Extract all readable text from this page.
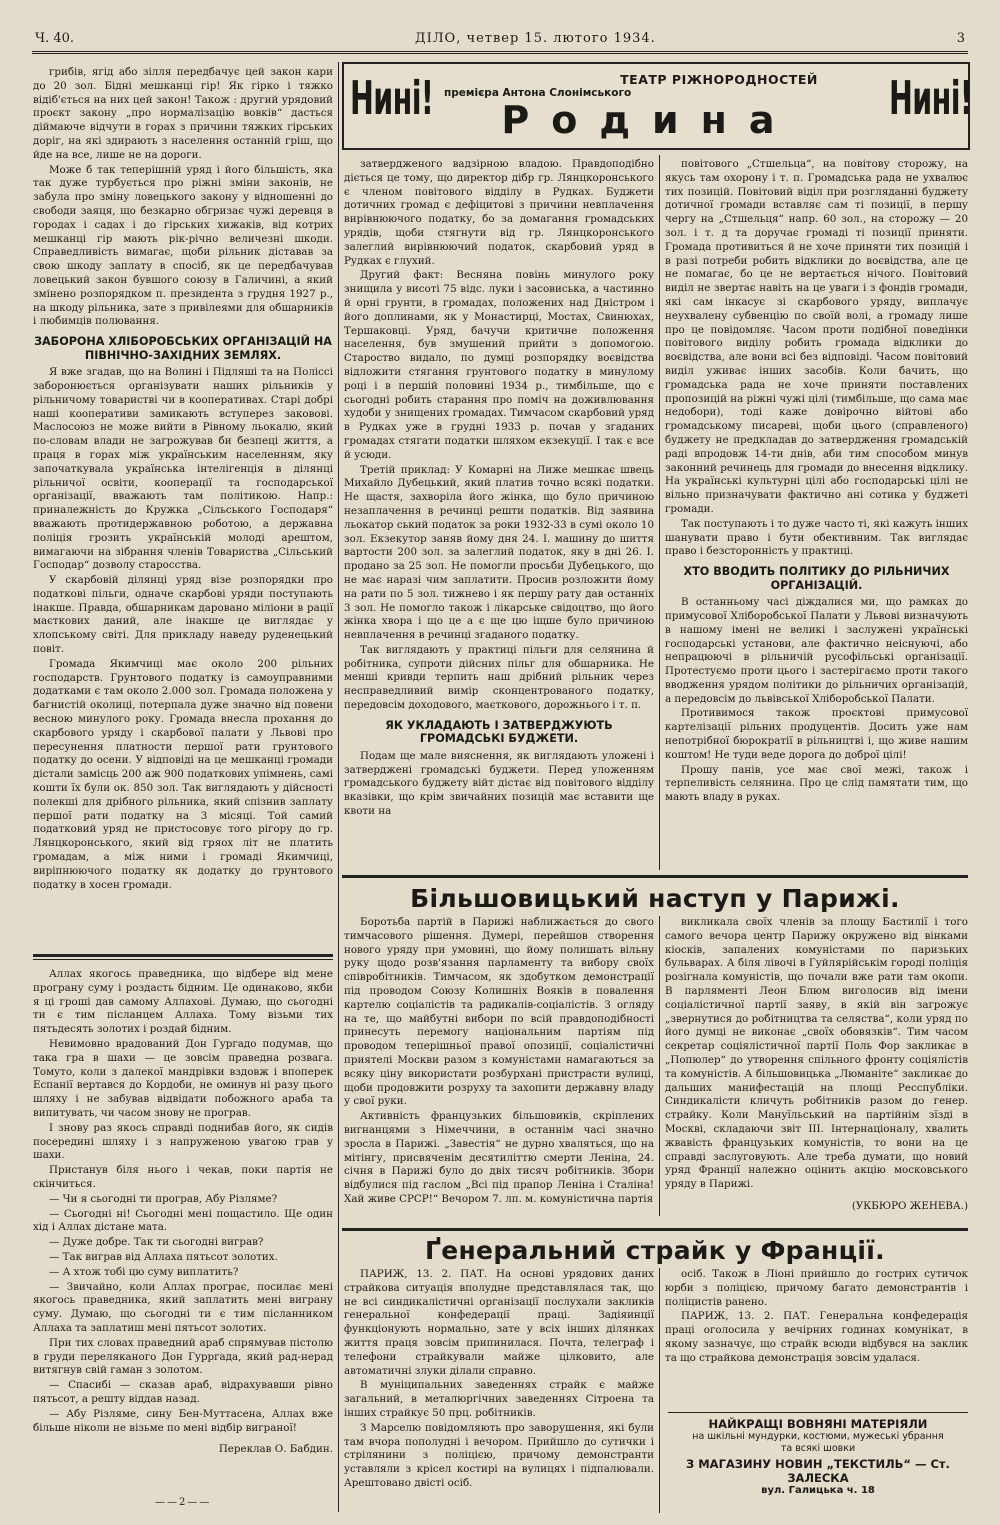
Ч. 40.	ДІЛО, четвер 15. лютого 1934.	3

грибів, ягід або зілля передбачує цей закон кари до 20 зол. Бідні мешканці гір! Як гірко і тяжко відіб'ється на них цей закон! Також : другий урядовий проєкт закону „про нормалізацію вовків“ дасться діймаюче відчути в горах з причини тяжких гірських доріг, на які здирають з населення останній гріш, що йде на все, лише не на дороги.

Може б так теперішній уряд і його більшість, яка так дуже турбується про ріжні зміни законів, не забула про зміну ловецького закону у відношенні до свободи заяця, що безкарно обгризає чужі деревця в городах і садах і до гірських хижаків, від котрих мешканці гір мають рік-річно величезні шкоди. Справедливість вимагає, щоби рільник діставав за свою шкоду заплату в спосіб, як це передбачував ловецький закон бувшого союзу в Галичині, а який змінено розпорядком п. президента з грудня 1927 р., на шкоду рільника, зате з привілеями для обшарників і любимців полювання.

ЗАБОРОНА ХЛІБОРОБСЬКИХ ОРГАНІЗАЦІЙ НА ПІВНІЧНО-ЗАХІДНИХ ЗЕМЛЯХ.

Я вже згадав, що на Волині і Підляші та на Поліссі заборонюється організувати наших рільників у рільничому товаристві чи в кооперативах. Старі добрі наші кооперативи замикають вступерез заковові. Маслосоюз не може вийти в Рівному льокалю, який по-словам влади не загрожував би безпеці життя, а праця в горах між українським населенням, яку започаткувала українська інтелігенція в ділянці рільничої освіти, кооперації та господарської організації, вважають там політикою. Напр.: приналежність до Кружка „Сільського Господаря“ вважають протидержавною роботою, а державна поліція грозить українській молоді арештом, вимагаючи на зібрання членів Товариства „Сільський Господар“ дозволу старосства.

У скарбовій ділянці уряд візе розпорядки про податкові пільги, одначе скарбові уряди поступають інакше. Правда, обшарникам даровано міліони в рації маєткових даний, але інакше це виглядає у хлопському світі. Для прикладу наведу руденецький повіт.

Громада Якимчиці має около 200 рільних господарств. Грунтового податку із самоуправними додатками є там около 2.000 зол. Громада положена у багнистій околиці, потерпала дуже значно від повени весною минулого року. Громада внесла прохання до скарбового уряду і скарбової палати у Львові про пересунення платности першої рати грунтового податку до осени. У відповіді на це мешканці громади дістали замісць 200 аж 900 податкових упімнень, самі кошти їх були ок. 850 зол. Так виглядають у дійсності полекші для дрібного рільника, який спізнив заплату першої рати податку на 3 місяці. Той самий податковий уряд не пристосовує того рігору до гр. Лянцкоронського, який від гряох літ не платить громадам, а між ними і громаді Якимчиці, виріпнюючого податку як додатку до грунтового податку в хосен громади.

Аллах якогось праведника, що відбере від мене програну суму і роздасть бідним. Це одинаково, якби я ці гроші дав самому Аллахові. Думаю, що сьогодні ти є тим післанцем Аллаха. Тому візьми тих пятьдесять золотих і роздай бідним.

Невимовно врадований Дон Гургадо подумав, що така гра в шахи — це зовсім праведна розвага. Томуто, коли з далекої мандрівки вздовж і впоперек Еспанії вертався до Кордоби, не оминув ні разу цього шляху і не забував відвідати побожного араба та випитувать, чи часом знову не програв.

І знову раз якось справді поднибав його, як сидів посередині шляху і з напруженою увагою грав у шахи.

Пристанув біля нього і чекав, поки партія не скінчиться.

— Чи я сьогодні ти програв, Абу Різляме?

— Сьогодні ні! Сьогодні мені пощастило. Ще один хід і Аллах дістане мата.

— Дуже добре. Так ти сьогодні виграв?

— Так виграв від Аллаха пятьсот золотих.

— А хтож тобі цю суму виплатить?

— Звичайно, коли Аллах програє, посилає мені якогось праведника, який заплатить мені виграну суму. Думаю, що сьогодні ти є тим післанником Аллаха та заплатиш мені пятьсот золотих.

При тих словах праведний араб спрямував пістолю в груди переляканого Дон Гурргада, який рад-нерад витягнув свій гаман з золотом.

— Спасибі — сказав араб, відрахувавши рівно пятьсот, а решту віддав назад.

— Абу Різляме, сину Бен-Муттасена, Аллах вже більше ніколи не візьме по мені відбір виграної!

Переклав О. Бабдин.

——2——
Нині!	ТЕАТР РІЖНОРОДНОСТЕЙ
премієра Антона Слонімського
Родина	Нині!

затвердженого вадзірною владою. Правдоподібно діється це тому, що директор дібр гр. Лянцкоронського є членом повітового відділу в Рудках. Буджети дотичних громад є дефіцитові з причини невплачення вирівнюючого податку, бо за домагання громадських урядів, щоби стягнути від гр. Лянцкоронського залеглий вирівнюючий податок, скарбовий уряд в Рудках є глухий.

Другий факт: Весняна повінь минулого року знищила у висоті 75 відс. луки і засовиська, а частинно й орні грунти, в громадах, положених над Дністром і його доплинами, як у Монастирці, Мостах, Свинюхах, Тершаковці. Уряд, бачучи критичне положення населення, був змушений прийти з допомогою. Староство видало, по думці розпорядку воєвідства відложити стягання грунтового податку в минулому році і в першій половині 1934 р., тимбільше, що є сьогодні робить старання про поміч на доживлювання худоби у знищених громадах. Тимчасом скарбовий уряд в Рудках уже в грудні 1933 р. почав у згаданих громадах стягати податки шляхом екзекуції. І так є все й усюди.

Третій приклад: У Комарні на Лиже мешкає швець Михайло Дубецький, який платив точно всякі податки. Не щастя, захворіла його жінка, що було причиною незаплачення в речинці решти податків. Від заявина льокатор ський податок за роки 1932-33 в сумі около 10 зол. Екзекутор заняв йому дня 24. І. машину до шиття вартости 200 зол. за залеглий податок, яку в дні 26. І. продано за 25 зол. Не помогли просьби Дубецького, що не має наразі чим заплатити. Просив розложити йому на рати по 5 зол. тижнево і як першу рату дав останніх 3 зол. Не помогло також і лікарське свідоцтво, що його жінка хвора і що це а є ще цю іщше було причиною невплачення в речинці згаданого податку.

Так виглядають у практиці пільги для селянина й робітника, супроти дійсних пільг для обшарника. Не менші кривди терпить наш дрібний рільник через несправедливий вимір сконцентрованого податку, передовсім доходового, маєткового, дорожнього і т. п.

ЯК УКЛАДАЮТЬ І ЗАТВЕРДЖУЮТЬ ГРОМАДСЬКІ БУДЖЕТИ.

Подам ще мале вияснення, як виглядають уложені і затверджені громадські буджети. Перед уложенням громадського буджету війт дістає від повітового відділу вказівки, що крім звичайних позицій має вставити ще квоти на

повітового „Стшельца“, на повітову сторожу, на якусь там охорону і т. п. Громадська рада не ухвалює тих позицій. Повітовий віділ при розгляданні буджету дотичної громади вставляє сам ті позиції, в першу чергу на „Стшельця“ напр. 60 зол., на сторожу — 20 зол. і т. д та доручає громаді ті позиції приняти. Громада противиться й не хоче приняти тих позицій і в разі потреби робить відклики до воєвідства, але це не помагає, бо це не вертається нічого. Повітовий виділ не звертає навіть на це уваги і з фондів громади, які сам інкасує зі скарбового уряду, виплачує неухвалену субвенцію по своїй волі, а громаду лише про це повідомляє. Часом проти подібної поведінки повітового виділу робить громада відклики до воєвідства, але вони всі без відповіді. Часом повітовий виділ уживає інших засобів. Коли бачить, що громадська рада не хоче приняти поставлених пропозицій на ріжні чужі цілі (тимбільше, що сама має недобори), тоді каже довірочно війтові або громадському писареві, щоби цього (справленого) буджету не предкладав до затвердження громадській раді впродовж 14-ти днів, аби тим способом минув законний речинець для громади до внесення відклику. На українські культурні цілі або господарські цілі не вільно призначувати фактично ані сотика у буджеті громади.

Так поступають і то дуже часто ті, які кажуть інших шанувати право і бути обективним. Так виглядає право і безсторонність у практиці.

ХТО ВВОДИТЬ ПОЛІТИКУ ДО РІЛЬНИЧИХ ОРГАНІЗАЦІЙ.

В останньому часі діждалися ми, що рамках до примусової Хліборобської Палати у Львові визначують в нашому імені не великі і заслужені українські господарські установи, але фактично неіснуючі, або непрацюючі в рільничій русофільські організації. Протестуємо проти цього і застерігаємо проти такого вводження урядом політики до рільничих організацій, а передовсім до львівської Хліборобської Палати.

Противимося також проєктові примусової картелізації рільних продуцентів. Досить уже нам непотрібної бюрократії в рільництві і, що живе нашим коштом! Не туди веде дорога до доброї цілі!

Прошу панів, усе має свої межі, також і терпеливість селянина. Про це слід памятати тим, що мають владу в руках.

Більшовицький наступ у Парижі.

Боротьба партій в Парижі наближається до свого тимчасового рішення. Думері, перейшов створення нового уряду при умовині, що йому полишать вільну руку щодо розв'язання парламенту та вибору своїх співробітників. Тимчасом, як здобутком демонстрації під проводом Союзу Колишніх Вояків в повалення картелю соціалістів та радикалів-соціалістів. З огляду на те, що майбутні вибори по всій правдоподібності принесуть перемогу національним партіям під проводом теперішньої правої опозиції, соціалістичні приятелі Москви разом з комуністами намагаються за всяку ціну використати розбурхані пристрасти вулиці, щоби продовжити розруху та захопити державну владу у свої руки.

Активність французьких більшовиків, скріплених вигнанцями з Німеччини, в останнім часі значно зросла в Парижі. „Завестія“ не дурно хваляться, що на мітінгу, присвяченім десятиліттю смерти Леніна, 24. січня в Парижі було до двіх тисяч робітників. Збори відбулися під гаслом „Всі під прапор Леніна і Сталіна! Хай живе СРСР!“ Вечором 7. лп. м. комуністична партія

викликала своїх членів за площу Бастилії і того самого вечора центр Парижу окружено від вінками кіосків, запалених комуністами по паризьких бульварах. А біля лівочі в Гуйлярійськім городі поліція розігнала комуністів, що почали вже рати там окопи. В парляменті Леон Блюм виголосив від імени соціалістичної партії заяву, в якій він загрожує „звернутися до робітництва та селяства“, коли уряд по його думці не виконає „своїх обовязків“. Тим часом секретар соціялістичної партії Поль Фор закликає в „Попюлер“ до утворення спільного фронту соціялістів та комуністів. А більшовицька „Люманіте“ закликає до дальших манифестацій на площі Ресспубліки. Синдикалісти кличуть робітників разом до генер. страйку. Коли Мануїльський на партійнім зїзді в Москві, складаючи звіт III. Інтернаціоналу, хвалить жвавість французьких комуністів, то вони на це справді заслуговують. Але треба думати, що новий уряд Франції належно оцінить акцію московського уряду в Парижі.

(УКБЮРО ЖЕНЕВА.)

Ґенеральний страйк у Франції.

ПАРИЖ, 13. 2. ПАТ. На основі урядових даних страйкова ситуація вполудне представлялася так, що не всі синдикалістичні організації послухали закликів генеральної конфедерації праці. Задіяинції функціонують нормально, зате у всіх інших ділянках життя праця зовсім припинилася. Почта, телеграф і телефони страйкували майже цілковито, але автоматичні злуки ділали справно.

В муніципальних заведеннях страйк є майже загальний, в металюргічних заведеннях Сітроена та інших страйкує 50 прц. робітників.

З Марселю повідомляють про заворушення, які були там вчора пополудні і вечором. Прийшло до сутички і стрілянини з поліцією, причому демонстранти уставляли з крісел костирі на вулицях і підпалювали. Арештовано двісті осіб.

осіб. Також в Ліоні прийшло до гострих сутичок юрби з поліцією, причому багато демонстрантів і поліцистів ранено.

ПАРИЖ, 13. 2. ПАТ. Генеральна конфедерація праці оголосила у вечірних годинах комунікат, в якому зазначує, що страйк всюди відбувся на заклик та що страйкова демонстрація зовсім удалася.

НАЙКРАЩІ ВОВНЯНІ МАТЕРІЯЛИ
на шкільні мундурки, костюми, мужеські убрання
та всякі шовки
З МАГАЗИНУ НОВИН „ТЕКСТИЛЬ“ — Ст. ЗАЛЕСКА
вул. Галицька ч. 18
